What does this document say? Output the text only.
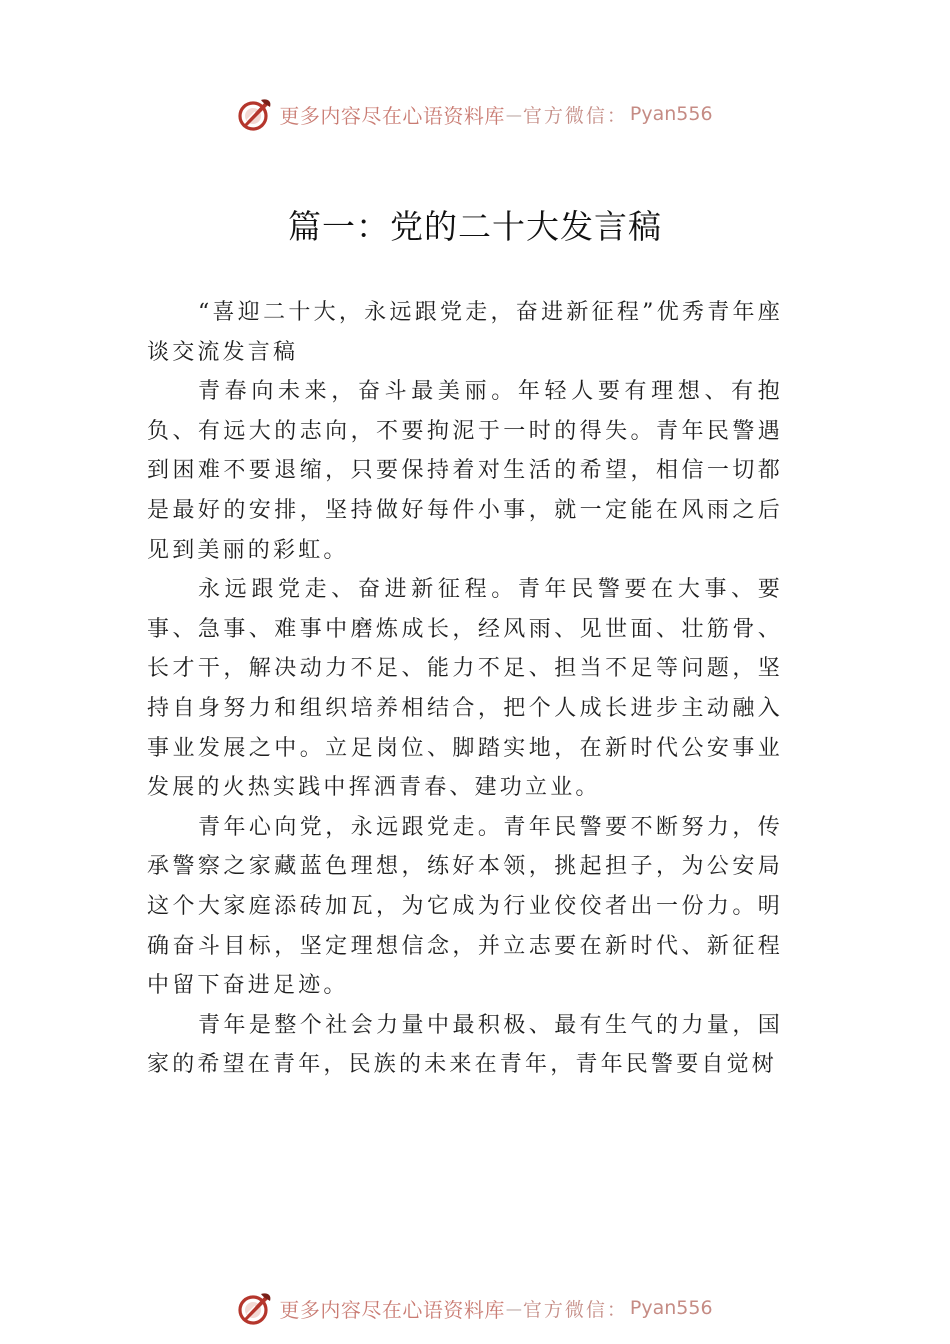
更多内容尽在心语资料库 — 官方微信： Pyan556
篇一：党的二十大发言稿

“喜迎二十大，永远跟党走，奋进新征程”优秀青年座谈交流发言稿

青春向未来，奋斗最美丽。年轻人要有理想、有抱负、有远大的志向，不要拘泥于一时的得失。青年民警遇到困难不要退缩，只要保持着对生活的希望，相信一切都是最好的安排，坚持做好每件小事，就一定能在风雨之后见到美丽的彩虹。

永远跟党走、奋进新征程。青年民警要在大事、要事、急事、难事中磨炼成长，经风雨、见世面、壮筋骨、长才干，解决动力不足、能力不足、担当不足等问题，坚持自身努力和组织培养相结合，把个人成长进步主动融入事业发展之中。立足岗位、脚踏实地，在新时代公安事业发展的火热实践中挥洒青春、建功立业。

青年心向党，永远跟党走。青年民警要不断努力，传承警察之家藏蓝色理想，练好本领，挑起担子，为公安局这个大家庭添砖加瓦，为它成为行业佼佼者出一份力。明确奋斗目标，坚定理想信念，并立志要在新时代、新征程中留下奋进足迹。

青年是整个社会力量中最积极、最有生气的力量，国家的希望在青年，民族的未来在青年，青年民警要自觉树

更多内容尽在心语资料库 — 官方微信： Pyan556
